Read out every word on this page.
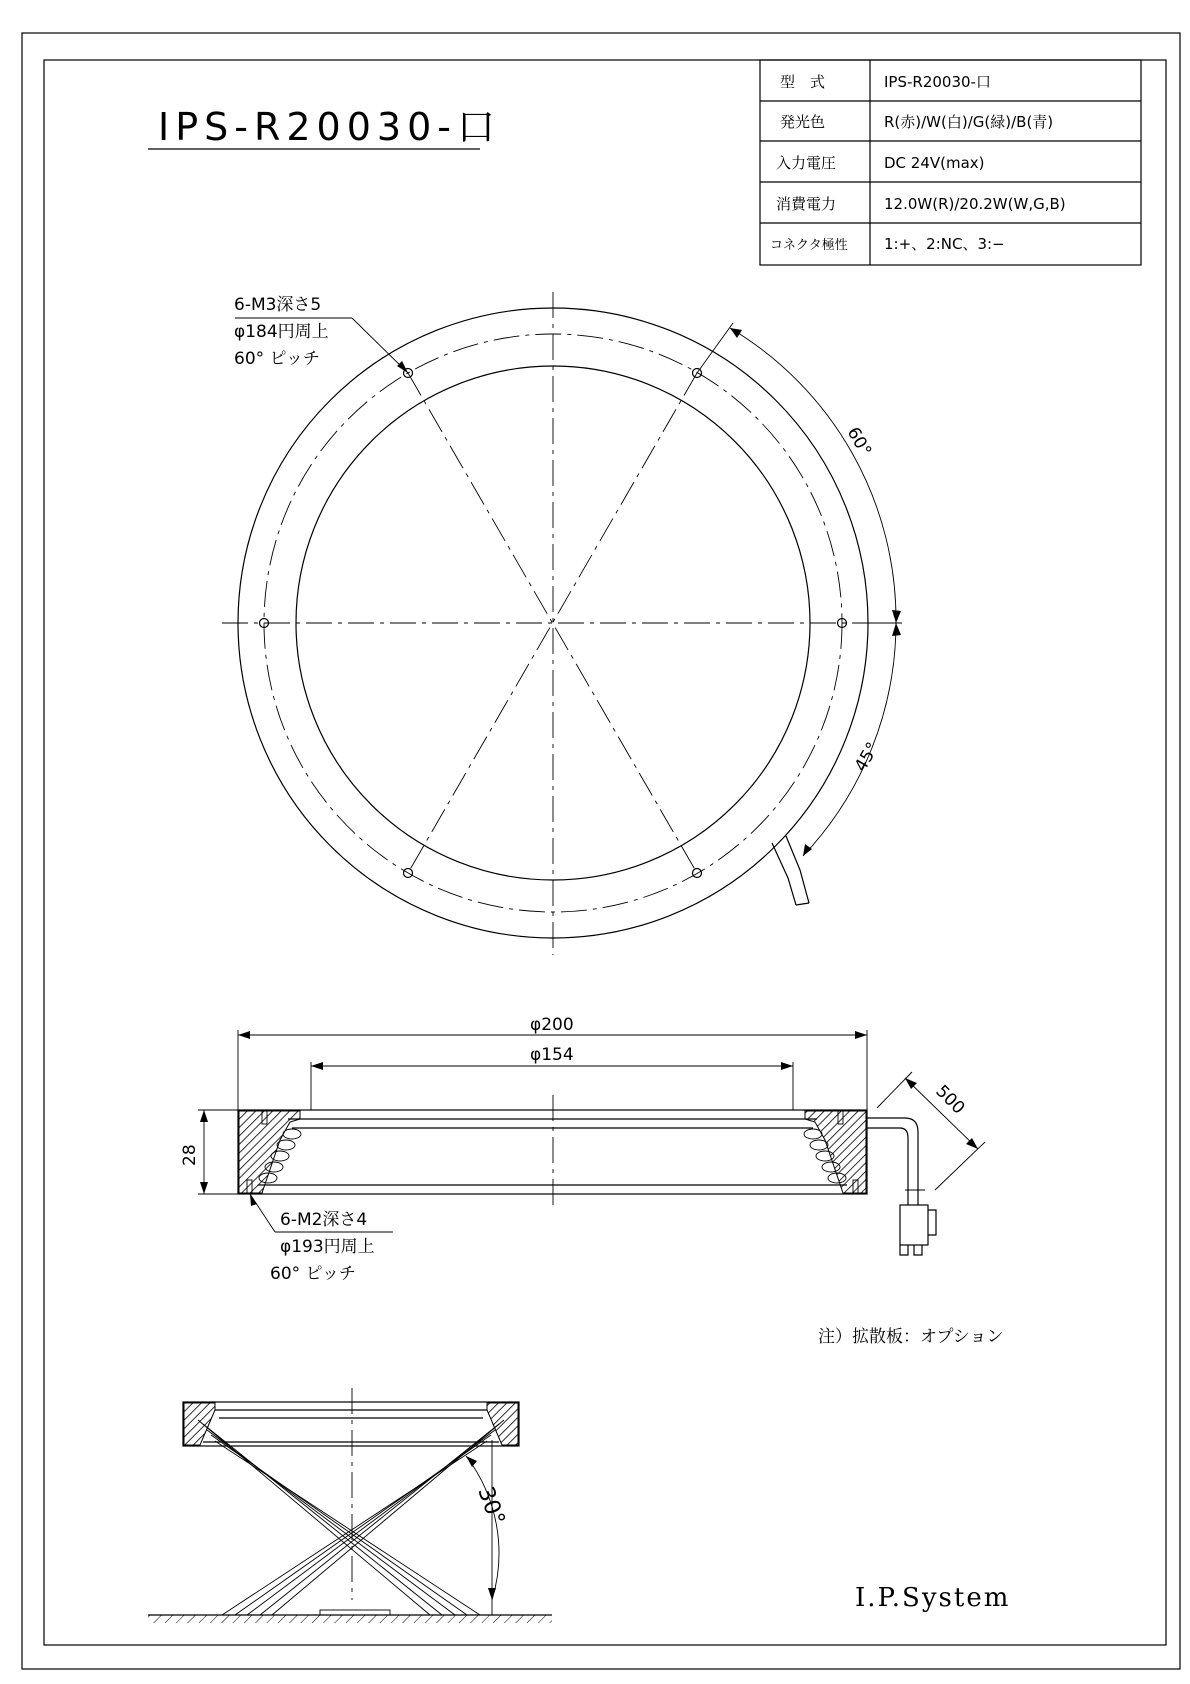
IPS-R20030-口
型　式	IPS-R20030-口
発光色	R(赤)/W(白)/G(緑)/B(青)
入力電圧	DC 24V(max)
消費電力	12.0W(R)/20.2W(W,G,B)
コネクタ極性 1:+、2:NC、3:−
6-M3深さ5
φ184円周上
60° ピッチ
60°
45°
φ200
φ154
28
500
6-M2深さ4
φ193円周上
60° ピッチ
注）拡散板：オプション
30°
I.P.System
